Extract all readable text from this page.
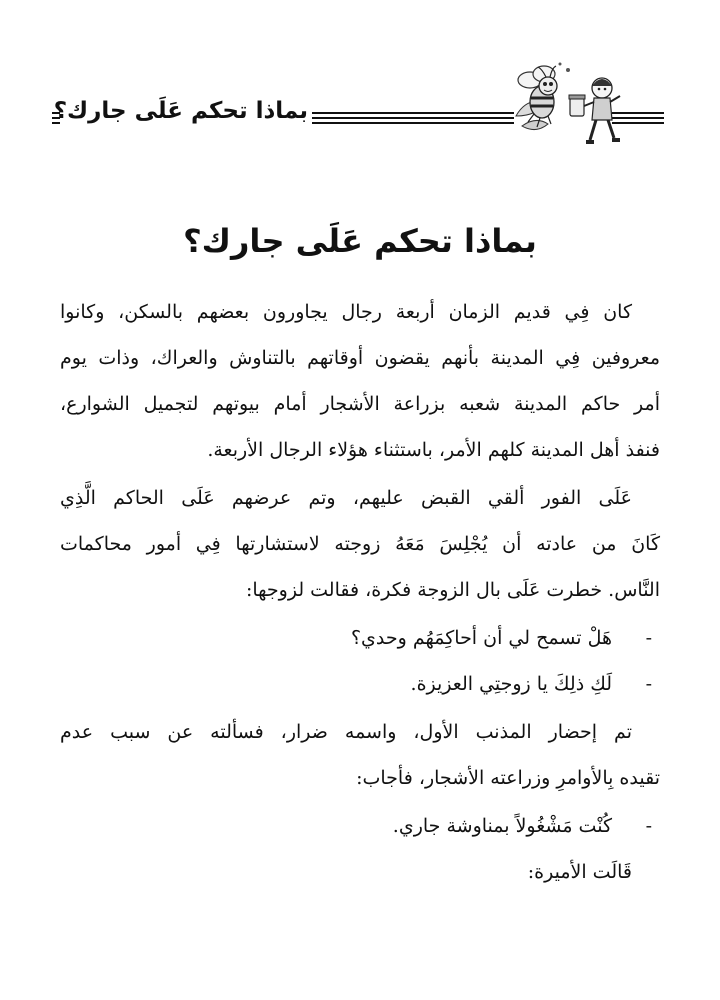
بماذا تحكم عَلَى جارك؟
بماذا تحكم عَلَى جارك؟
كان فِي قديم الزمان أربعة رجال يجاورون بعضهم بالسكن، وكانوا
معروفين فِي المدينة بأنهم يقضون أوقاتهم بالتناوش والعراك، وذات يوم
أمر حاكم المدينة شعبه بزراعة الأشجار أمام بيوتهم لتجميل الشوارع،
فنفذ أهل المدينة كلهم الأمر، باستثناء هؤلاء الرجال الأربعة.
عَلَى الفور ألقي القبض عليهم، وتم عرضهم عَلَى الحاكم الَّذِي
كَانَ من عادته أن يُجْلِسَ مَعَهُ زوجته لاستشارتها فِي أمور محاكمات
النَّاس. خطرت عَلَى بال الزوجة فكرة، فقالت لزوجها:
-هَلْ تسمح لي أن أحاكِمَهُم وحدي؟
-لَكِ ذلِكَ يا زوجتِي العزيزة.
تم إحضار المذنب الأول، واسمه ضرار، فسألته عن سبب عدم
تقيده بِالأوامرِ وزراعته الأشجار، فأجاب:
-كُنْت مَشْغُولاً بمناوشة جاري.
قَالَت الأميرة:
